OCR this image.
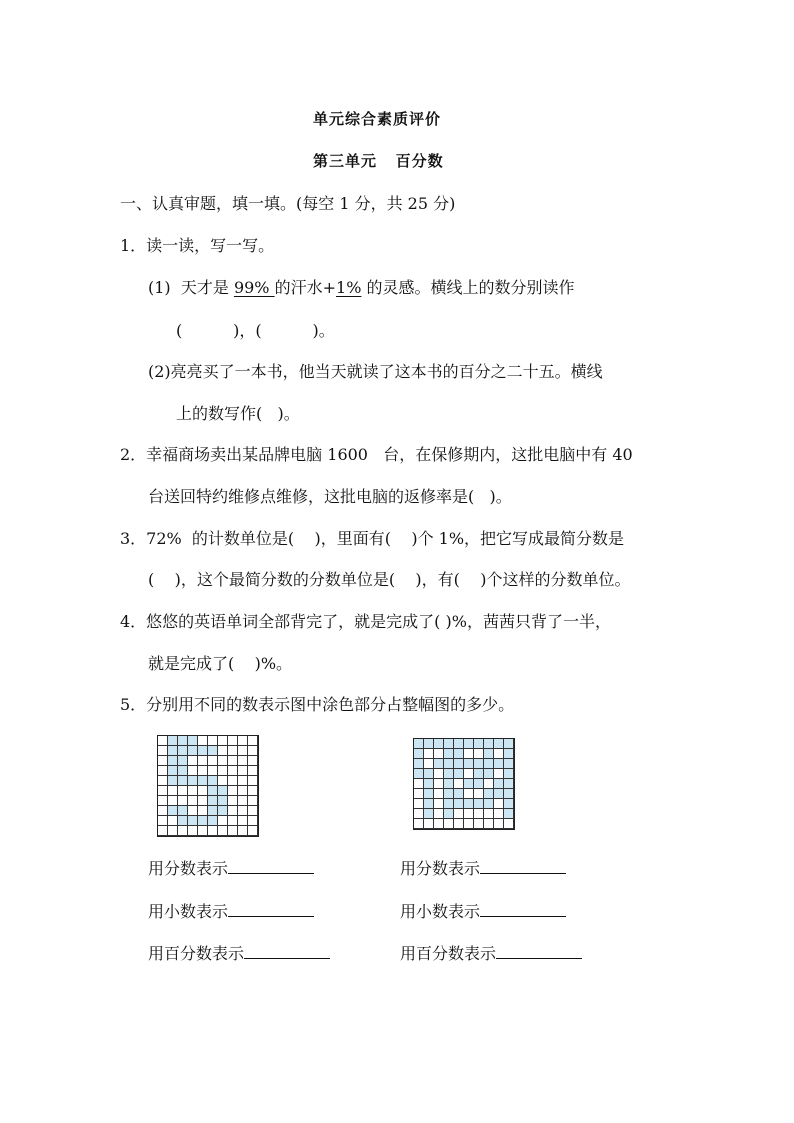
单元综合素质评价
第三单元   百分数
一、认真审题，填一填。(每空 1 分，共 25 分)
1．读一读，写一写。
(1)  天才是 99% 的汗水+1% 的灵感。横线上的数分别读作
(          )，(          )。
(2)亮亮买了一本书，他当天就读了这本书的百分之二十五。横线
上的数写作(   )。
2．幸福商场卖出某品牌电脑 1600   台，在保修期内，这批电脑中有 40
台送回特约维修点维修，这批电脑的返修率是(   )。
3．72%  的计数单位是(    )，里面有(    )个 1%，把它写成最简分数是
(    )，这个最简分数的分数单位是(    )，有(    )个这样的分数单位。
4．悠悠的英语单词全部背完了，就是完成了( )%，茜茜只背了一半，
就是完成了(    )%。
5．分别用不同的数表示图中涂色部分占整幅图的多少。
用分数表示
用小数表示
用百分数表示
用分数表示
用小数表示
用百分数表示
